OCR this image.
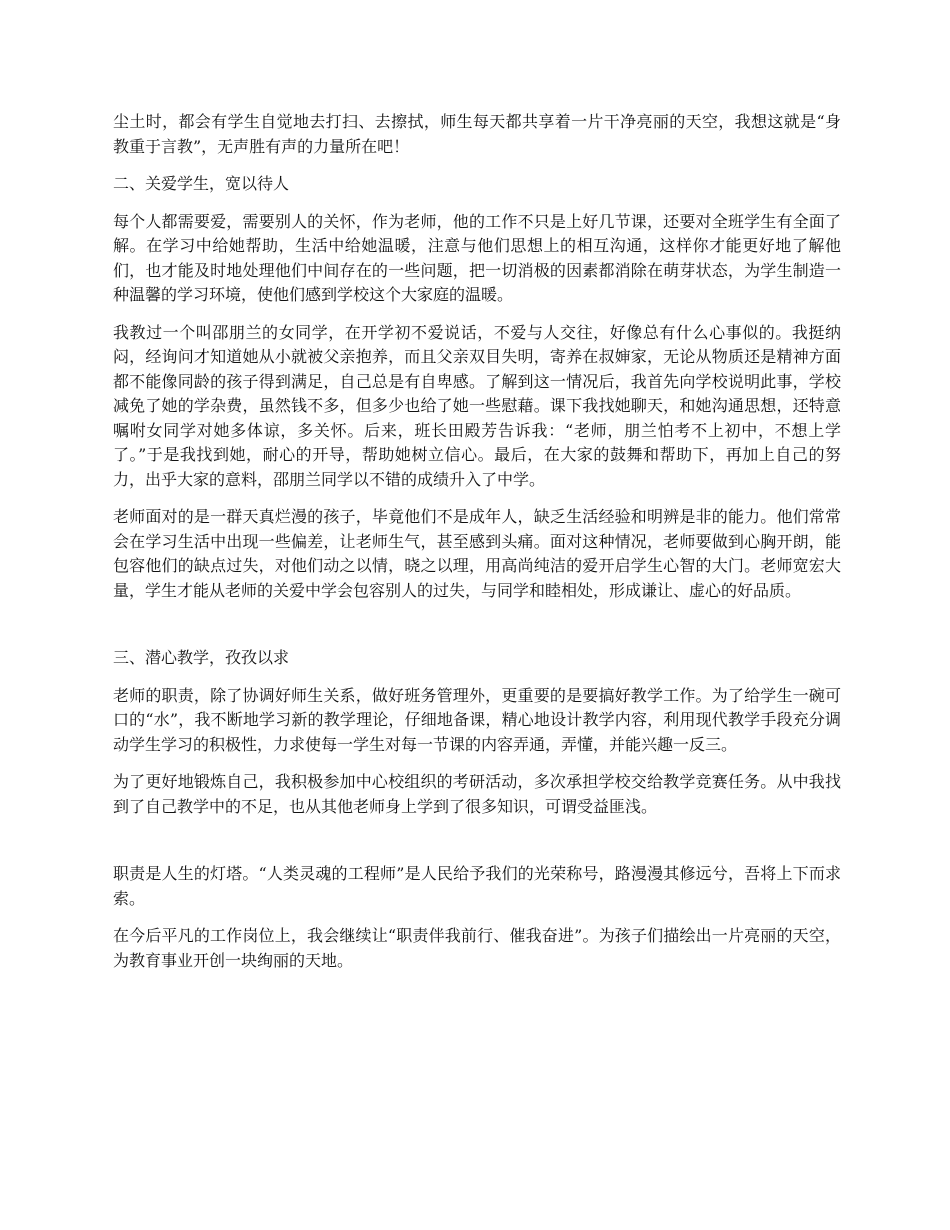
尘土时，都会有学生自觉地去打扫、去擦拭，师生每天都共享着一片干净亮丽的天空，我想这就是“身教重于言教”，无声胜有声的力量所在吧！

二、关爱学生，宽以待人

每个人都需要爱，需要别人的关怀，作为老师，他的工作不只是上好几节课，还要对全班学生有全面了解。在学习中给她帮助，生活中给她温暖，注意与他们思想上的相互沟通，这样你才能更好地了解他们，也才能及时地处理他们中间存在的一些问题，把一切消极的因素都消除在萌芽状态，为学生制造一种温馨的学习环境，使他们感到学校这个大家庭的温暖。

我教过一个叫邵朋兰的女同学，在开学初不爱说话，不爱与人交往，好像总有什么心事似的。我挺纳闷，经询问才知道她从小就被父亲抱养，而且父亲双目失明，寄养在叔婶家，无论从物质还是精神方面都不能像同龄的孩子得到满足，自己总是有自卑感。了解到这一情况后，我首先向学校说明此事，学校减免了她的学杂费，虽然钱不多，但多少也给了她一些慰藉。课下我找她聊天，和她沟通思想，还特意嘱咐女同学对她多体谅，多关怀。后来，班长田殿芳告诉我：“老师，朋兰怕考不上初中，不想上学了。”于是我找到她，耐心的开导，帮助她树立信心。最后，在大家的鼓舞和帮助下，再加上自己的努力，出乎大家的意料，邵朋兰同学以不错的成绩升入了中学。

老师面对的是一群天真烂漫的孩子，毕竟他们不是成年人，缺乏生活经验和明辨是非的能力。他们常常会在学习生活中出现一些偏差，让老师生气，甚至感到头痛。面对这种情况，老师要做到心胸开朗，能包容他们的缺点过失，对他们动之以情，晓之以理，用高尚纯洁的爱开启学生心智的大门。老师宽宏大量，学生才能从老师的关爱中学会包容别人的过失，与同学和睦相处，形成谦让、虚心的好品质。

三、潜心教学，孜孜以求

老师的职责，除了协调好师生关系，做好班务管理外，更重要的是要搞好教学工作。为了给学生一碗可口的“水”，我不断地学习新的教学理论，仔细地备课，精心地设计教学内容，利用现代教学手段充分调动学生学习的积极性，力求使每一学生对每一节课的内容弄通，弄懂，并能兴趣一反三。

为了更好地锻炼自己，我积极参加中心校组织的考研活动，多次承担学校交给教学竞赛任务。从中我找到了自己教学中的不足，也从其他老师身上学到了很多知识，可谓受益匪浅。

职责是人生的灯塔。“人类灵魂的工程师”是人民给予我们的光荣称号，路漫漫其修远兮，吾将上下而求索。

在今后平凡的工作岗位上，我会继续让“职责伴我前行、催我奋进”。为孩子们描绘出一片亮丽的天空，为教育事业开创一块绚丽的天地。
